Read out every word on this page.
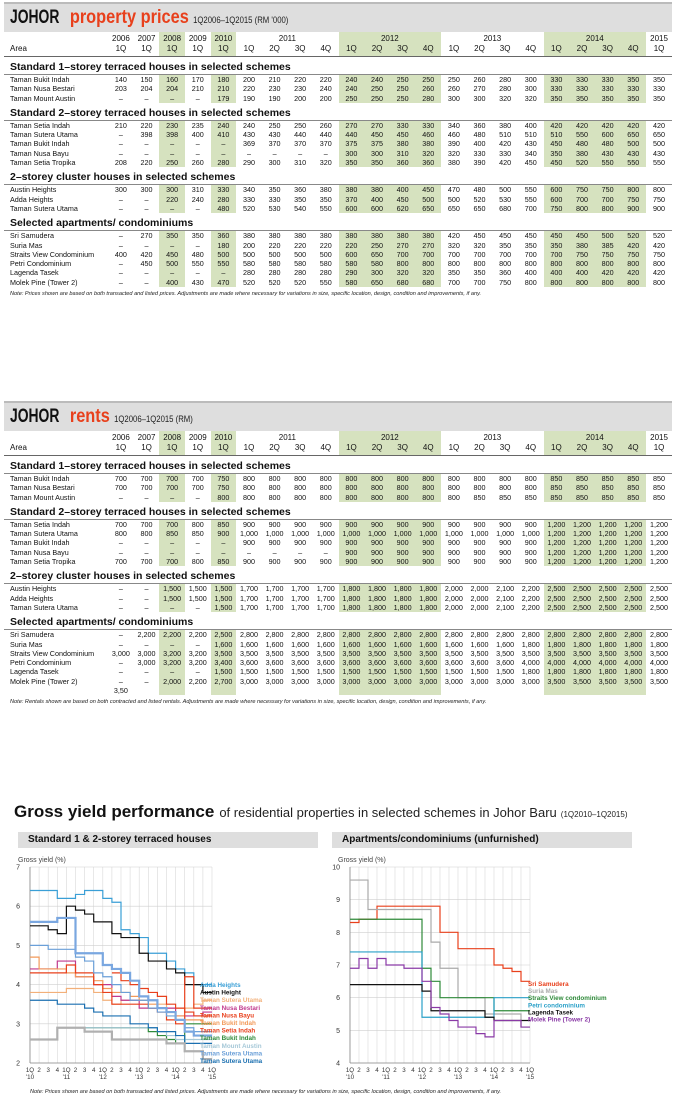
JOHOR property prices 1Q2006–1Q2015 (RM '000)
	2006	2007	2008	2009	2010	2011				2012				2013				2014				2015
Area	1Q	1Q	1Q	1Q	1Q	1Q	2Q	3Q	4Q	1Q	2Q	3Q	4Q	1Q	2Q	3Q	4Q	1Q	2Q	3Q	4Q	1Q
Standard 1–storey terraced houses in selected schemes																						
Taman Bukit Indah	140	150	160	170	180	200	210	220	220	240	240	250	250	250	260	280	300	330	330	330	350	350
Taman Nusa Bestari	203	204	204	210	210	220	230	230	240	240	250	250	260	260	270	280	300	330	330	330	330	330
Taman Mount Austin	–	–	–	–	179	190	190	200	200	250	250	250	280	300	300	320	320	350	350	350	350	350
Standard 2–storey terraced houses in selected schemes																						
Taman Setia Indah	210	220	230	235	240	240	250	250	260	270	270	330	330	340	360	380	400	420	420	420	420	420
Taman Sutera Utama	–	398	398	400	410	430	430	440	440	440	450	450	460	460	480	510	510	510	550	600	650	650
Taman Bukit Indah	–	–	–	–	–	369	370	370	370	375	375	380	380	390	400	420	430	450	480	480	500	500
Taman Nusa Bayu	–	–	–	–	–	–	–	–	–	300	300	310	320	320	330	330	340	350	380	430	430	430
Taman Setia Tropika	208	220	250	260	280	290	300	310	320	350	350	360	360	380	390	420	450	450	520	550	550	550
2–storey cluster houses in selected schemes																						
Austin Heights	300	300	300	310	330	340	350	360	380	380	380	400	450	470	480	500	550	600	750	750	800	800
Adda Heights	–	–	220	240	280	330	330	350	350	370	400	450	500	500	520	530	550	600	700	700	750	750
Taman Sutera Utama	–	–	–	–	480	520	530	540	550	600	600	620	650	650	650	680	700	750	800	800	900	900
Selected apartments/ condominiums																						
Sri Samudera	–	270	350	350	360	380	380	380	380	380	380	380	380	420	450	450	450	450	450	500	520	520
Suria Mas	–	–	–	–	180	200	220	220	220	220	250	270	270	320	320	350	350	350	380	385	420	420
Straits View Condominium	400	420	450	480	500	500	500	500	500	600	650	700	700	700	700	700	700	700	750	750	750	750
Petri Condominium	–	450	500	550	550	580	580	580	580	580	580	800	800	800	800	800	800	800	800	800	800	800
Lagenda Tasek	–	–	–	–	–	280	280	280	280	290	300	320	320	350	350	360	400	400	400	420	420	420
Molek Pine (Tower 2)	–	–	400	430	470	520	520	520	550	580	650	680	680	700	700	750	800	800	800	800	800	800
Note: Prices shown are based on both transacted and listed prices. Adjustments are made where necessary for variations in size, specific location, design, condition and improvements, if any.
JOHOR rents 1Q2006–1Q2015 (RM)
	2006	2007	2008	2009	2010	2011				2012				2013				2014				2015
Area	1Q	1Q	1Q	1Q	1Q	1Q	2Q	3Q	4Q	1Q	2Q	3Q	4Q	1Q	2Q	3Q	4Q	1Q	2Q	3Q	4Q	1Q
Standard 1–storey terraced houses in selected schemes																						
Taman Bukit Indah	700	700	700	700	750	800	800	800	800	800	800	800	800	800	800	800	800	850	850	850	850	850
Taman Nusa Bestari	700	700	700	700	750	800	800	800	800	800	800	800	800	800	800	800	800	850	850	850	850	850
Taman Mount Austin	–	–	–	–	800	800	800	800	800	800	800	800	800	800	850	850	850	850	850	850	850	850
Standard 2–storey terraced houses in selected schemes																						
Taman Setia Indah	700	700	700	800	850	900	900	900	900	900	900	900	900	900	900	900	900	1,200	1,200	1,200	1,200	1,200
Taman Sutera Utama	800	800	850	850	900	1,000	1,000	1,000	1,000	1,000	1,000	1,000	1,000	1,000	1,000	1,000	1,000	1,200	1,200	1,200	1,200	1,200
Taman Bukit Indah	–	–	–	–	–	900	900	900	900	900	900	900	900	900	900	900	900	1,200	1,200	1,200	1,200	1,200
Taman Nusa Bayu	–	–	–	–	–	–	–	–	–	900	900	900	900	900	900	900	900	1,200	1,200	1,200	1,200	1,200
Taman Setia Tropika	700	700	700	800	850	900	900	900	900	900	900	900	900	900	900	900	900	1,200	1,200	1,200	1,200	1,200
2–storey cluster houses in selected schemes																						
Austin Heights	–	–	1,500	1,500	1,500	1,700	1,700	1,700	1,700	1,800	1,800	1,800	1,800	2,000	2,000	2,100	2,200	2,500	2,500	2,500	2,500	2,500
Adda Heights	–	–	1,500	1,500	1,500	1,700	1,700	1,700	1,700	1,800	1,800	1,800	1,800	2,000	2,000	2,100	2,200	2,500	2,500	2,500	2,500	2,500
Taman Sutera Utama	–	–	–	–	1,500	1,700	1,700	1,700	1,700	1,800	1,800	1,800	1,800	2,000	2,000	2,100	2,200	2,500	2,500	2,500	2,500	2,500
Selected apartments/ condominiums																						
Sri Samudera	–	2,200	2,200	2,200	2,500	2,800	2,800	2,800	2,800	2,800	2,800	2,800	2,800	2,800	2,800	2,800	2,800	2,800	2,800	2,800	2,800	2,800
Suria Mas	–	–	–	–	1,600	1,600	1,600	1,600	1,600	1,600	1,600	1,600	1,600	1,600	1,600	1,600	1,800	1,800	1,800	1,800	1,800	1,800
Straits View Condominium	3,000	3,000	3,200	3,200	3,500	3,500	3,500	3,500	3,500	3,500	3,500	3,500	3,500	3,500	3,500	3,500	3,500	3,500	3,500	3,500	3,500	3,500
Petri Condominium	–	3,000	3,200	3,200	3,400	3,600	3,600	3,600	3,600	3,600	3,600	3,600	3,600	3,600	3,600	3,600	4,000	4,000	4,000	4,000	4,000	4,000
Lagenda Tasek	–	–	–	–	1,500	1,500	1,500	1,500	1,500	1,500	1,500	1,500	1,500	1,500	1,500	1,500	1,800	1,800	1,800	1,800	1,800	1,800
Molek Pine (Tower 2)	–	–	2,000	2,200	2,700	3,000	3,000	3,000	3,000	3,000	3,000	3,000	3,000	3,000	3,000	3,000	3,000	3,500	3,500	3,500	3,500	3,500
	3,50																					
Note: Rentals shown are based on both contracted and listed rentals. Adjustments are made where necessary for variations in size, specific location, design, condition and improvements, if any.
Gross yield performance of residential properties in selected schemes in Johor Baru (1Q2010–1Q2015)
Standard 1 & 2-storey terraced houses	Apartments/condominiums (unfurnished)
Gross yield (%)
2
3
4
5
6
7
1Q 2 3 4 1Q 2 3 4 1Q 2 3 4 1Q 2 3 4 1Q 2 3 4 1Q
'10	'11	'12	'13	'14	'15
Adda Heights
Austin Height
Taman Sutera Utama
Taman Nusa Bestari
Taman Nusa Bayu
Taman Bukit Indah
Taman Setia Indah
Taman Bukit Indah
Taman Mount Austin
Taman Sutera Utama
Taman Sutera Utama
Gross yield (%)
4
5
6
7
8
9
10
1Q 2 3 4 1Q 2 3 4 1Q 2 3 4 1Q 2 3 4 1Q 2 3 4 1Q
'10	'11	'12	'13	'14	'15
Sri Samudera
Suria Mas
Straits View condominium
Petri condominium
Lagenda Tasek
Molek Pine (Tower 2)
Note: Prices shown are based on both transacted and listed prices. Adjustments are made where necessary for variations in size, specific location, design, condition and improvements, if any.
